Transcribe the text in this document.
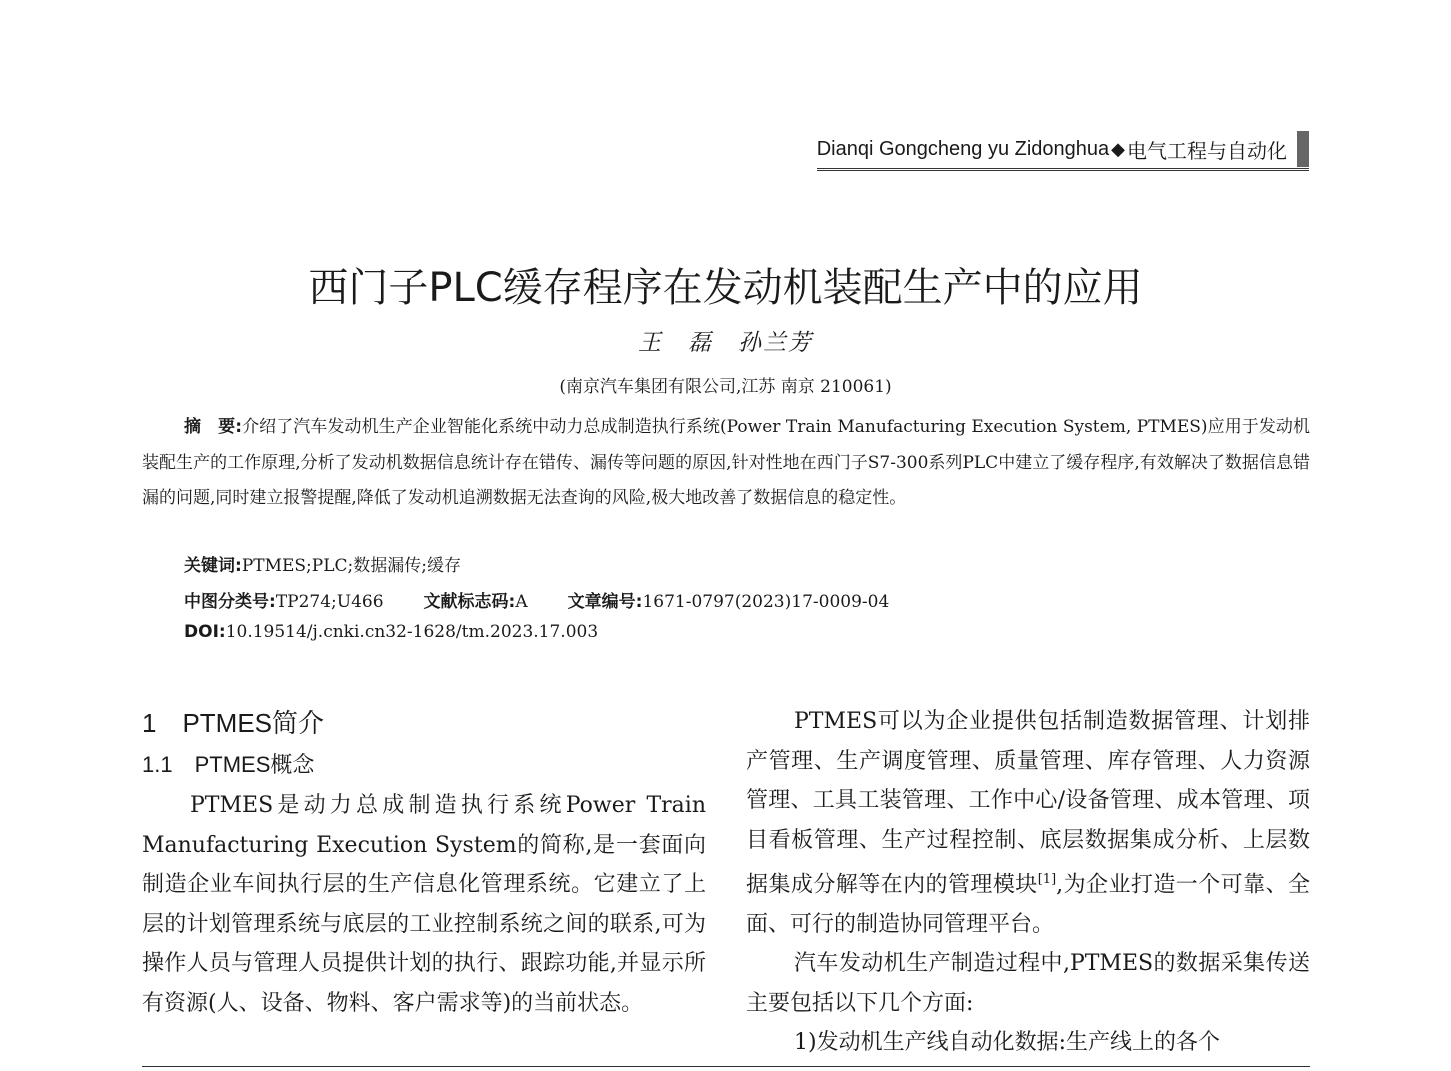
Dianqi Gongcheng yu Zidonghua ◆ 电气工程与自动化
西门子PLC缓存程序在发动机装配生产中的应用
王　磊　孙兰芳
(南京汽车集团有限公司,江苏 南京 210061)

摘　要:介绍了汽车发动机生产企业智能化系统中动力总成制造执行系统(Power Train Manufacturing Execution System, PTMES)应用于发动机装配生产的工作原理,分析了发动机数据信息统计存在错传、漏传等问题的原因,针对性地在西门子S7-300系列PLC中建立了缓存程序,有效解决了数据信息错漏的问题,同时建立报警提醒,降低了发动机追溯数据无法查询的风险,极大地改善了数据信息的稳定性。

关键词:PTMES;PLC;数据漏传;缓存
中图分类号:TP274;U466 文献标志码:A 文章编号:1671-0797(2023)17-0009-04
DOI:10.19514/j.cnki.cn32-1628/tm.2023.17.003
1　PTMES简介
1.1　PTMES概念

PTMES是动力总成制造执行系统Power Train Manufacturing Execution System的简称,是一套面向制造企业车间执行层的生产信息化管理系统。它建立了上层的计划管理系统与底层的工业控制系统之间的联系,可为操作人员与管理人员提供计划的执行、跟踪功能,并显示所有资源(人、设备、物料、客户需求等)的当前状态。

PTMES可以为企业提供包括制造数据管理、计划排产管理、生产调度管理、质量管理、库存管理、人力资源管理、工具工装管理、工作中心/设备管理、成本管理、项目看板管理、生产过程控制、底层数据集成分析、上层数据集成分解等在内的管理模块[1],为企业打造一个可靠、全面、可行的制造协同管理平台。

汽车发动机生产制造过程中,PTMES的数据采集传送主要包括以下几个方面:

1)发动机生产线自动化数据:生产线上的各个
